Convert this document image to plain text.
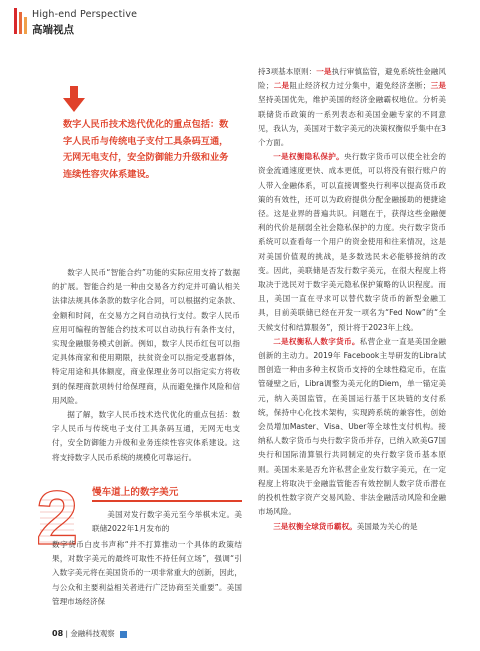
High-end Perspective
高端视点
数字人民币技术迭代优化的重点包括：数字人民币与传统电子支付工具条码互通，无网无电支付，安全防御能力升级和业务连续性容灾体系建设。

数字人民币“智能合约”功能的实际应用支持了数据的扩展。智能合约是一种由交易各方约定并可确认相关法律法规具体条款的数字化合同，可以根据约定条款、金额和时间，在交易方之间自动执行支付。数字人民币应用可编程的智能合约技术可以自动执行有条件支付，实现金融服务模式创新。例如，数字人民币红包可以指定具体商家和使用期限，扶贫资金可以指定受惠群体，特定用途和具体额度，商业保理业务可以指定实方将收到的保理商款项转付给保理商，从而避免操作风险和信用风险。

据了解，数字人民币技术迭代优化的重点包括：数字人民币与传统电子支付工具条码互通，无网无电支付，安全防御能力升级和业务连续性容灾体系建设。这将支持数字人民币系统的规模化可靠运行。

2 慢车道上的数字美元
美国对发行数字美元至今举棋未定。美联储2022年1月发布的
数字货币白皮书声称“并不打算推动一个具体的政策结果，对数字美元的最终可取性不持任何立场”，强调“引入数字美元将在美国货币的一项非常重大的创新，因此，与公众和主要利益相关者进行广泛协商至关重要”。美国管理市场经济保

持3项基本原则：一是执行审慎监管，避免系统性金融风险；二是阻止经济权力过分集中，避免经济垄断；三是坚持美国优先，维护美国的经济金融霸权地位。分析美联储货币政策的一系列表态和美国金融专家的不同意见，我认为，美国对于数字美元的决策权衡似乎集中在3个方面。

一是权衡隐私保护。央行数字货币可以使全社会的资金流通速度更快、成本更低，可以将没有银行账户的人带入金融体系，可以直接调整央行利率以提高货币政策的有效性，还可以为政府提供分配金融援助的便捷途径。这是业界的普遍共识。问题在于，获得这些金融便利的代价是削弱全社会隐私保护的力度。央行数字货币系统可以查看每一个用户的资金使用和往来情况，这是对美国价值观的挑战，是多数选民未必能够接纳的改变。因此，美联储是否发行数字美元，在很大程度上将取决于选民对于数字美元隐私保护策略的认识程度。而且，美国一直在寻求可以替代数字货币的新型金融工具，目前美联储已经在开发一项名为“Fed Now”的“全天候支付和结算服务”，预计将于2023年上线。

二是权衡私人数字货币。私营企业一直是美国金融创新的主动力。2019年 Facebook主导研发的Libra试图创造一种由多种主权货币支持的全球性稳定币，在监管碰壁之后，Libra调整为美元化的Diem，单一锚定美元，纳入美国监管，在美国运行基于区块链的支付系统，保持中心化技术架构，实现跨系统的兼容性，创始会员增加Master、Visa、Uber等全球性支付机构。接纳私人数字货币与央行数字货币并存，已纳入欧美G7国央行和国际清算银行共同制定的央行数字货币基本原则。美国未来是否允许私营企业发行数字美元，在一定程度上将取决于金融监管能否有效控制人数字货币潜在的投机性数字资产交易风险、非法金融活动风险和金融市场风险。

三是权衡全球货币霸权。美国最为关心的是

08 | 金融科技观察
